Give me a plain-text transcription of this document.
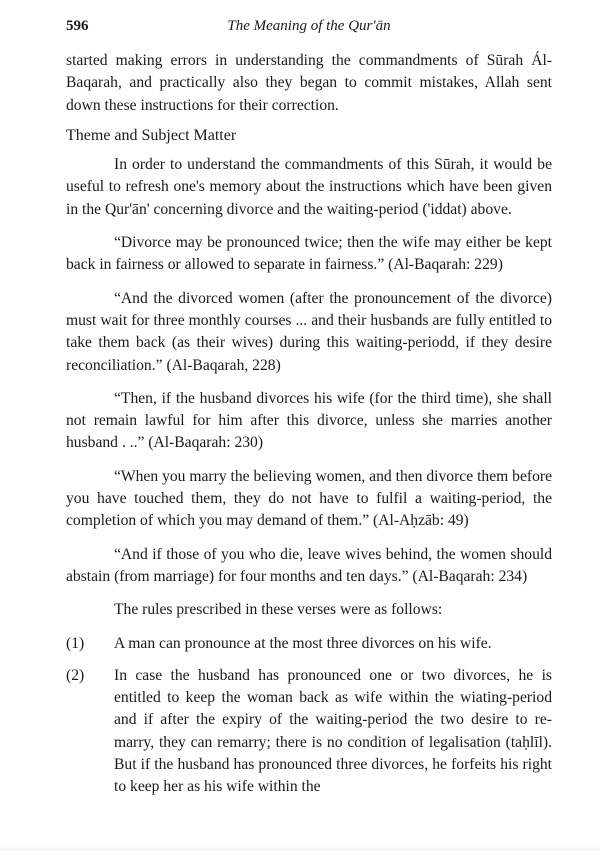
596	The Meaning of the Qur'ān

started making errors in understanding the commandments of Sūrah Ál-Baqarah, and practically also they began to commit mistakes, Allah sent down these instructions for their correction.

Theme and Subject Matter

In order to understand the commandments of this Sūrah, it would be useful to refresh one's memory about the instructions which have been given in the Qur'ān' concerning divorce and the waiting-period ('iddat) above.

“Divorce may be pronounced twice; then the wife may either be kept back in fairness or allowed to separate in fairness.” (Al-Baqarah: 229)

“And the divorced women (after the pronouncement of the divorce) must wait for three monthly courses ... and their husbands are fully entitled to take them back (as their wives) during this waiting-periodd, if they desire reconciliation.” (Al-Baqarah, 228)

“Then, if the husband divorces his wife (for the third time), she shall not remain lawful for him after this divorce, unless she marries another husband . ..” (Al-Baqarah: 230)

“When you marry the believing women, and then divorce them before you have touched them, they do not have to fulfil a waiting-period, the completion of which you may demand of them.” (Al-Aḥzāb: 49)

“And if those of you who die, leave wives behind, the women should abstain (from marriage) for four months and ten days.” (Al-Baqarah: 234)

The rules prescribed in these verses were as follows:

(1) A man can pronounce at the most three divorces on his wife.
(2) In case the husband has pronounced one or two divorces, he is entitled to keep the woman back as wife within the wiating-period and if after the expiry of the waiting-period the two desire to re-marry, they can remarry; there is no condition of legalisation (taḥlīl). But if the husband has pronounced three divorces, he forfeits his right to keep her as his wife within the
